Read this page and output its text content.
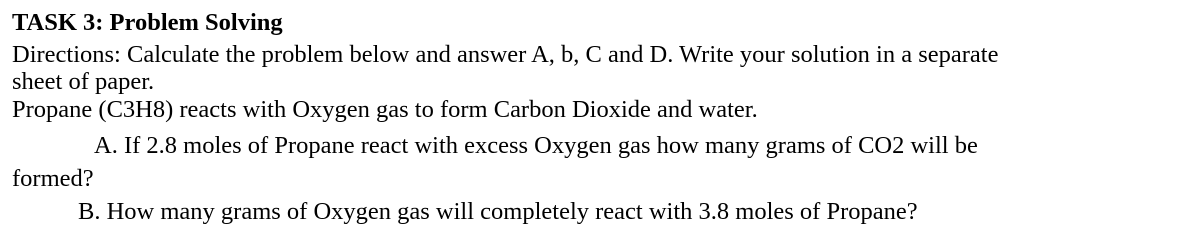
TASK 3: Problem Solving
Directions: Calculate the problem below and answer A, b, C and D. Write your solution in a separate
sheet of paper.
Propane (C3H8) reacts with Oxygen gas to form Carbon Dioxide and water.
A. If 2.8 moles of Propane react with excess Oxygen gas how many grams of CO2 will be
formed?
B. How many grams of Oxygen gas will completely react with 3.8 moles of Propane?
